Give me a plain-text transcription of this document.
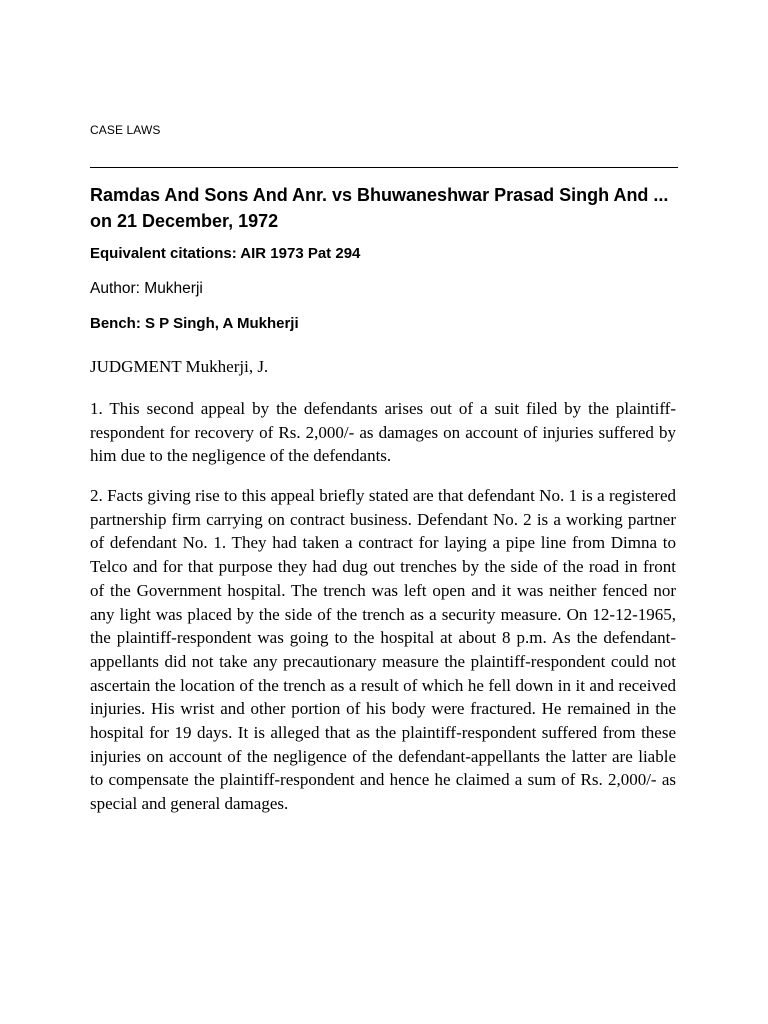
CASE LAWS
Ramdas And Sons And Anr. vs Bhuwaneshwar Prasad Singh And ... on 21 December, 1972
Equivalent citations: AIR 1973 Pat 294
Author: Mukherji
Bench: S P Singh, A Mukherji
JUDGMENT Mukherji, J.

1. This second appeal by the defendants arises out of a suit filed by the plaintiff-respondent for recovery of Rs. 2,000/- as damages on account of injuries suffered by him due to the negligence of the defendants.

2. Facts giving rise to this appeal briefly stated are that defendant No. 1 is a registered partnership firm carrying on contract business. Defendant No. 2 is a working partner of defendant No. 1. They had taken a contract for laying a pipe line from Dimna to Telco and for that purpose they had dug out trenches by the side of the road in front of the Government hospital. The trench was left open and it was neither fenced nor any light was placed by the side of the trench as a security measure. On 12-12-1965, the plaintiff-respondent was going to the hospital at about 8 p.m. As the defendant-appellants did not take any precautionary measure the plaintiff-respondent could not ascertain the location of the trench as a result of which he fell down in it and received injuries. His wrist and other portion of his body were fractured. He remained in the hospital for 19 days. It is alleged that as the plaintiff-respondent suffered from these injuries on account of the negligence of the defendant-appellants the latter are liable to compensate the plaintiff-respondent and hence he claimed a sum of Rs. 2,000/- as special and general damages.
